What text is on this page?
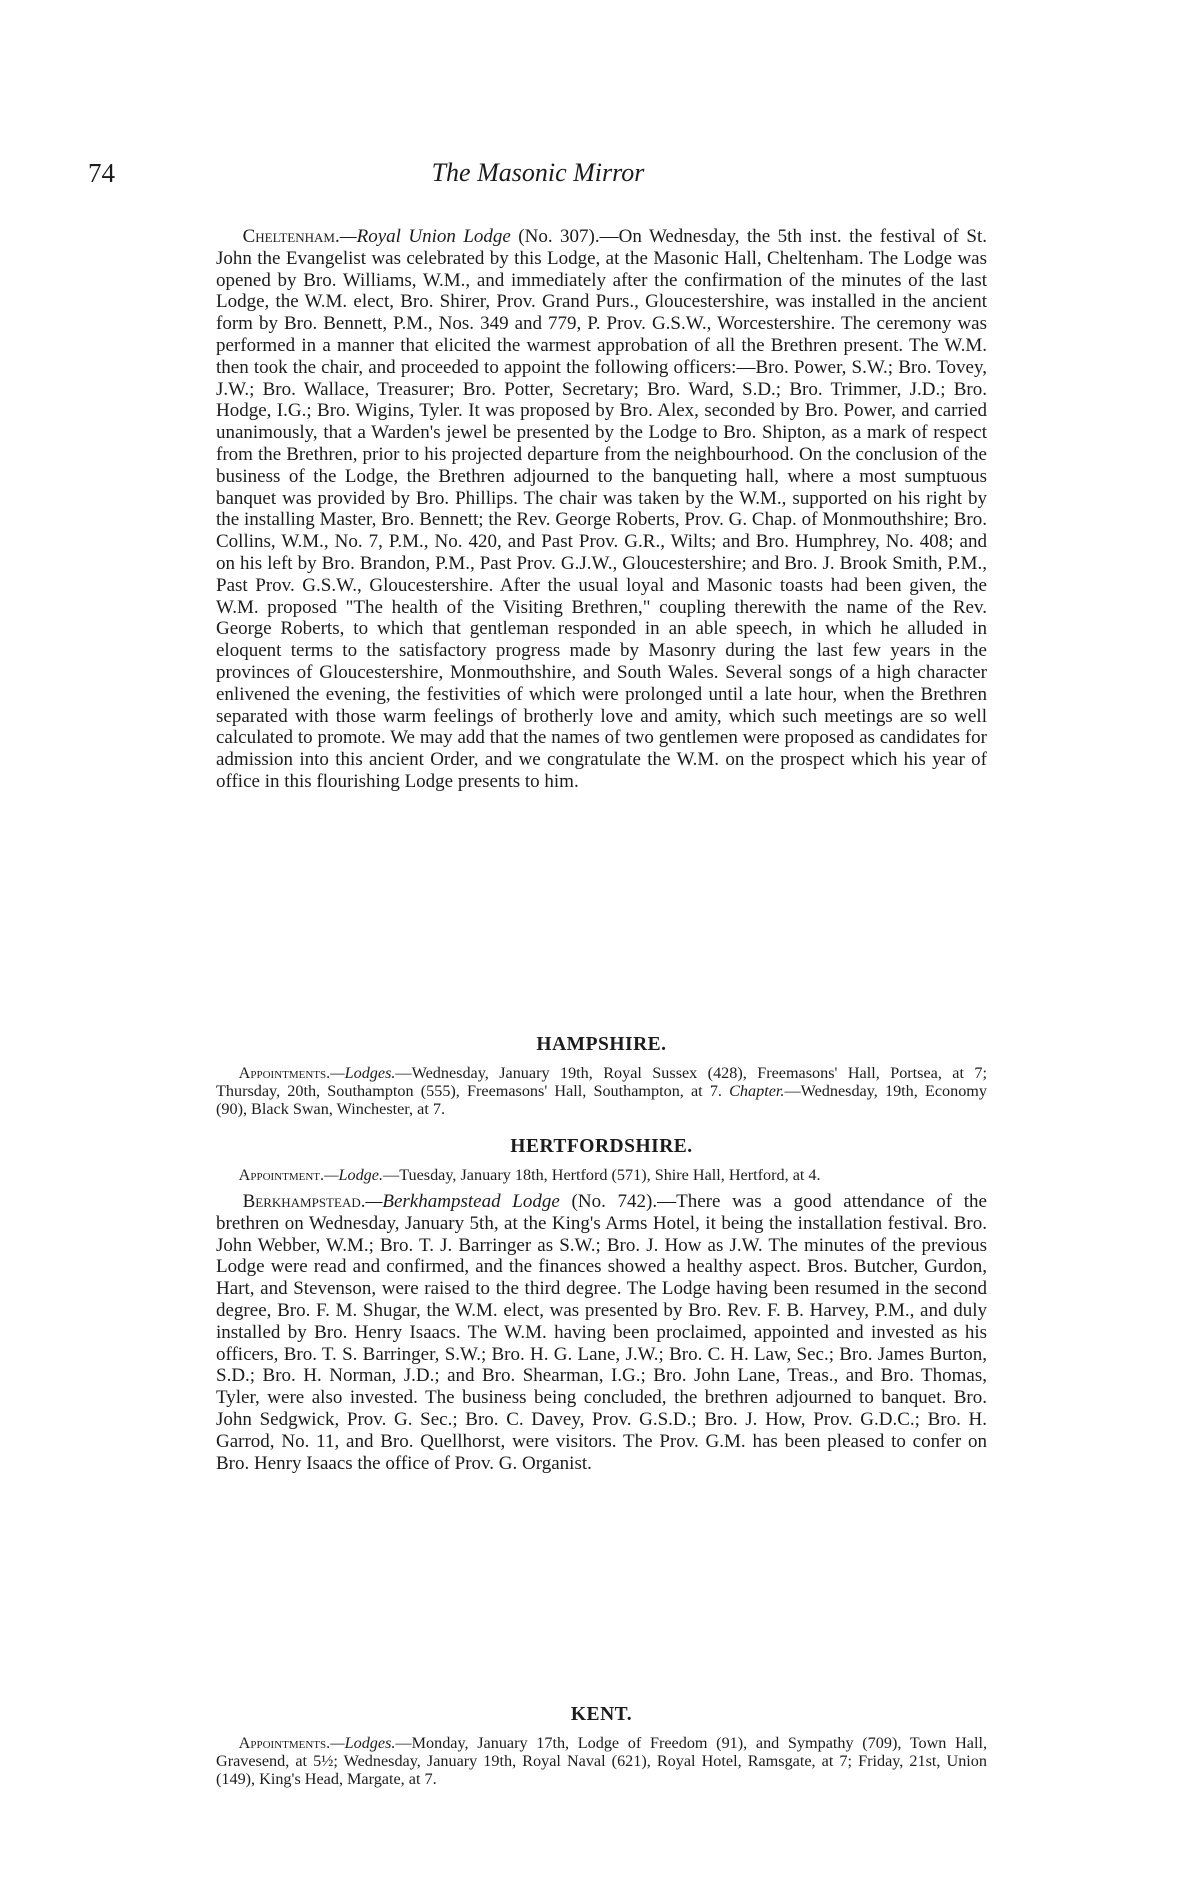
74	The Masonic Mirror

Cheltenham.—Royal Union Lodge (No. 307).—On Wednesday, the 5th inst. the festival of St. John the Evangelist was celebrated by this Lodge, at the Masonic Hall, Cheltenham. The Lodge was opened by Bro. Williams, W.M., and immediately after the confirmation of the minutes of the last Lodge, the W.M. elect, Bro. Shirer, Prov. Grand Purs., Gloucestershire, was installed in the ancient form by Bro. Bennett, P.M., Nos. 349 and 779, P. Prov. G.S.W., Worcestershire. The ceremony was performed in a manner that elicited the warmest approbation of all the Brethren present. The W.M. then took the chair, and proceeded to appoint the following officers:—Bro. Power, S.W.; Bro. Tovey, J.W.; Bro. Wallace, Treasurer; Bro. Potter, Secretary; Bro. Ward, S.D.; Bro. Trimmer, J.D.; Bro. Hodge, I.G.; Bro. Wigins, Tyler. It was proposed by Bro. Alex, seconded by Bro. Power, and carried unanimously, that a Warden's jewel be presented by the Lodge to Bro. Shipton, as a mark of respect from the Brethren, prior to his projected departure from the neighbourhood. On the conclusion of the business of the Lodge, the Brethren adjourned to the banqueting hall, where a most sumptuous banquet was provided by Bro. Phillips. The chair was taken by the W.M., supported on his right by the installing Master, Bro. Bennett; the Rev. George Roberts, Prov. G. Chap. of Monmouthshire; Bro. Collins, W.M., No. 7, P.M., No. 420, and Past Prov. G.R., Wilts; and Bro. Humphrey, No. 408; and on his left by Bro. Brandon, P.M., Past Prov. G.J.W., Gloucestershire; and Bro. J. Brook Smith, P.M., Past Prov. G.S.W., Gloucestershire. After the usual loyal and Masonic toasts had been given, the W.M. proposed "The health of the Visiting Brethren," coupling therewith the name of the Rev. George Roberts, to which that gentleman responded in an able speech, in which he alluded in eloquent terms to the satisfactory progress made by Masonry during the last few years in the provinces of Gloucestershire, Monmouthshire, and South Wales. Several songs of a high character enlivened the evening, the festivities of which were prolonged until a late hour, when the Brethren separated with those warm feelings of brotherly love and amity, which such meetings are so well calculated to promote. We may add that the names of two gentlemen were proposed as candidates for admission into this ancient Order, and we congratulate the W.M. on the prospect which his year of office in this flourishing Lodge presents to him.

HAMPSHIRE.

Appointments.—Lodges.—Wednesday, January 19th, Royal Sussex (428), Freemasons' Hall, Portsea, at 7; Thursday, 20th, Southampton (555), Freemasons' Hall, Southampton, at 7. Chapter.—Wednesday, 19th, Economy (90), Black Swan, Winchester, at 7.

HERTFORDSHIRE.

Appointment.—Lodge.—Tuesday, January 18th, Hertford (571), Shire Hall, Hertford, at 4.

Berkhampstead.—Berkhampstead Lodge (No. 742).—There was a good attendance of the brethren on Wednesday, January 5th, at the King's Arms Hotel, it being the installation festival. Bro. John Webber, W.M.; Bro. T. J. Barringer as S.W.; Bro. J. How as J.W. The minutes of the previous Lodge were read and confirmed, and the finances showed a healthy aspect. Bros. Butcher, Gurdon, Hart, and Stevenson, were raised to the third degree. The Lodge having been resumed in the second degree, Bro. F. M. Shugar, the W.M. elect, was presented by Bro. Rev. F. B. Harvey, P.M., and duly installed by Bro. Henry Isaacs. The W.M. having been proclaimed, appointed and invested as his officers, Bro. T. S. Barringer, S.W.; Bro. H. G. Lane, J.W.; Bro. C. H. Law, Sec.; Bro. James Burton, S.D.; Bro. H. Norman, J.D.; and Bro. Shearman, I.G.; Bro. John Lane, Treas., and Bro. Thomas, Tyler, were also invested. The business being concluded, the brethren adjourned to banquet. Bro. John Sedgwick, Prov. G. Sec.; Bro. C. Davey, Prov. G.S.D.; Bro. J. How, Prov. G.D.C.; Bro. H. Garrod, No. 11, and Bro. Quellhorst, were visitors. The Prov. G.M. has been pleased to confer on Bro. Henry Isaacs the office of Prov. G. Organist.

KENT.

Appointments.—Lodges.—Monday, January 17th, Lodge of Freedom (91), and Sympathy (709), Town Hall, Gravesend, at 5½; Wednesday, January 19th, Royal Naval (621), Royal Hotel, Ramsgate, at 7; Friday, 21st, Union (149), King's Head, Margate, at 7.
